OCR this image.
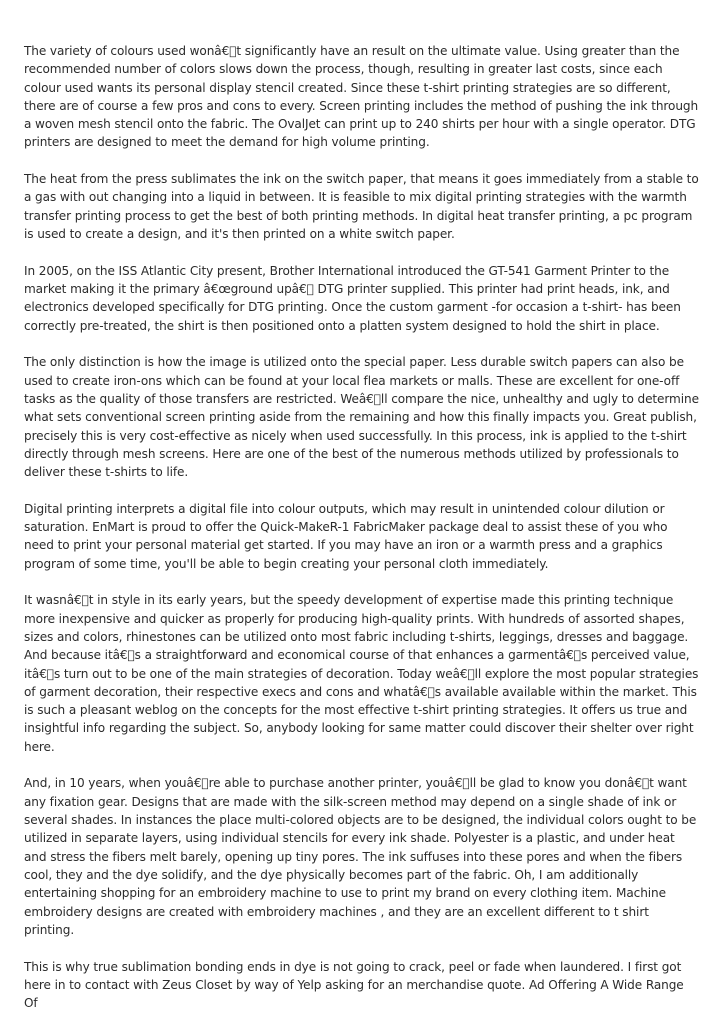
The variety of colours used wonâ€ t significantly have an result on the ultimate value. Using greater than the recommended number of colors slows down the process, though, resulting in greater last costs, since each colour used wants its personal display stencil created. Since these t-shirt printing strategies are so different, there are of course a few pros and cons to every. Screen printing includes the method of pushing the ink through a woven mesh stencil onto the fabric. The OvalJet can print up to 240 shirts per hour with a single operator. DTG printers are designed to meet the demand for high volume printing.

The heat from the press sublimates the ink on the switch paper, that means it goes immediately from a stable to a gas with out changing into a liquid in between. It is feasible to mix digital printing strategies with the warmth transfer printing process to get the best of both printing methods. In digital heat transfer printing, a pc program is used to create a design, and it's then printed on a white switch paper.

In 2005, on the ISS Atlantic City present, Brother International introduced the GT-541 Garment Printer to the market making it the primary â€œground upâ€  DTG printer supplied. This printer had print heads, ink, and electronics developed specifically for DTG printing. Once the custom garment -for occasion a t-shirt- has been correctly pre-treated, the shirt is then positioned onto a platten system designed to hold the shirt in place.

The only distinction is how the image is utilized onto the special paper. Less durable switch papers can also be used to create iron-ons which can be found at your local flea markets or malls. These are excellent for one-off tasks as the quality of those transfers are restricted. Weâ€ ll compare the nice, unhealthy and ugly to determine what sets conventional screen printing aside from the remaining and how this finally impacts you. Great publish, precisely this is very cost-effective as nicely when used successfully. In this process, ink is applied to the t-shirt directly through mesh screens. Here are one of the best of the numerous methods utilized by professionals to deliver these t-shirts to life.

Digital printing interprets a digital file into colour outputs, which may result in unintended colour dilution or saturation. EnMart is proud to offer the Quick-MakeR-1 FabricMaker package deal to assist these of you who need to print your personal material get started. If you may have an iron or a warmth press and a graphics program of some time, you'll be able to begin creating your personal cloth immediately.

It wasnâ€ t in style in its early years, but the speedy development of expertise made this printing technique more inexpensive and quicker as properly for producing high-quality prints. With hundreds of assorted shapes, sizes and colors, rhinestones can be utilized onto most fabric including t-shirts, leggings, dresses and baggage. And because itâ€ s a straightforward and economical course of that enhances a garmentâ€ s perceived value, itâ€ s turn out to be one of the main strategies of decoration. Today weâ€ ll explore the most popular strategies of garment decoration, their respective execs and cons and whatâ€ s available available within the market. This is such a pleasant weblog on the concepts for the most effective t-shirt printing strategies. It offers us true and insightful info regarding the subject. So, anybody looking for same matter could discover their shelter over right here.

And, in 10 years, when youâ€ re able to purchase another printer, youâ€ ll be glad to know you donâ€ t want any fixation gear. Designs that are made with the silk-screen method may depend on a single shade of ink or several shades. In instances the place multi-colored objects are to be designed, the individual colors ought to be utilized in separate layers, using individual stencils for every ink shade. Polyester is a plastic, and under heat and stress the fibers melt barely, opening up tiny pores. The ink suffuses into these pores and when the fibers cool, they and the dye solidify, and the dye physically becomes part of the fabric. Oh, I am additionally entertaining shopping for an embroidery machine to use to print my brand on every clothing item. Machine embroidery designs are created with embroidery machines , and they are an excellent different to t shirt printing.

This is why true sublimation bonding ends in dye is not going to crack, peel or fade when laundered. I first got here in to contact with Zeus Closet by way of Yelp asking for an merchandise quote. Ad Offering A Wide Range Of
